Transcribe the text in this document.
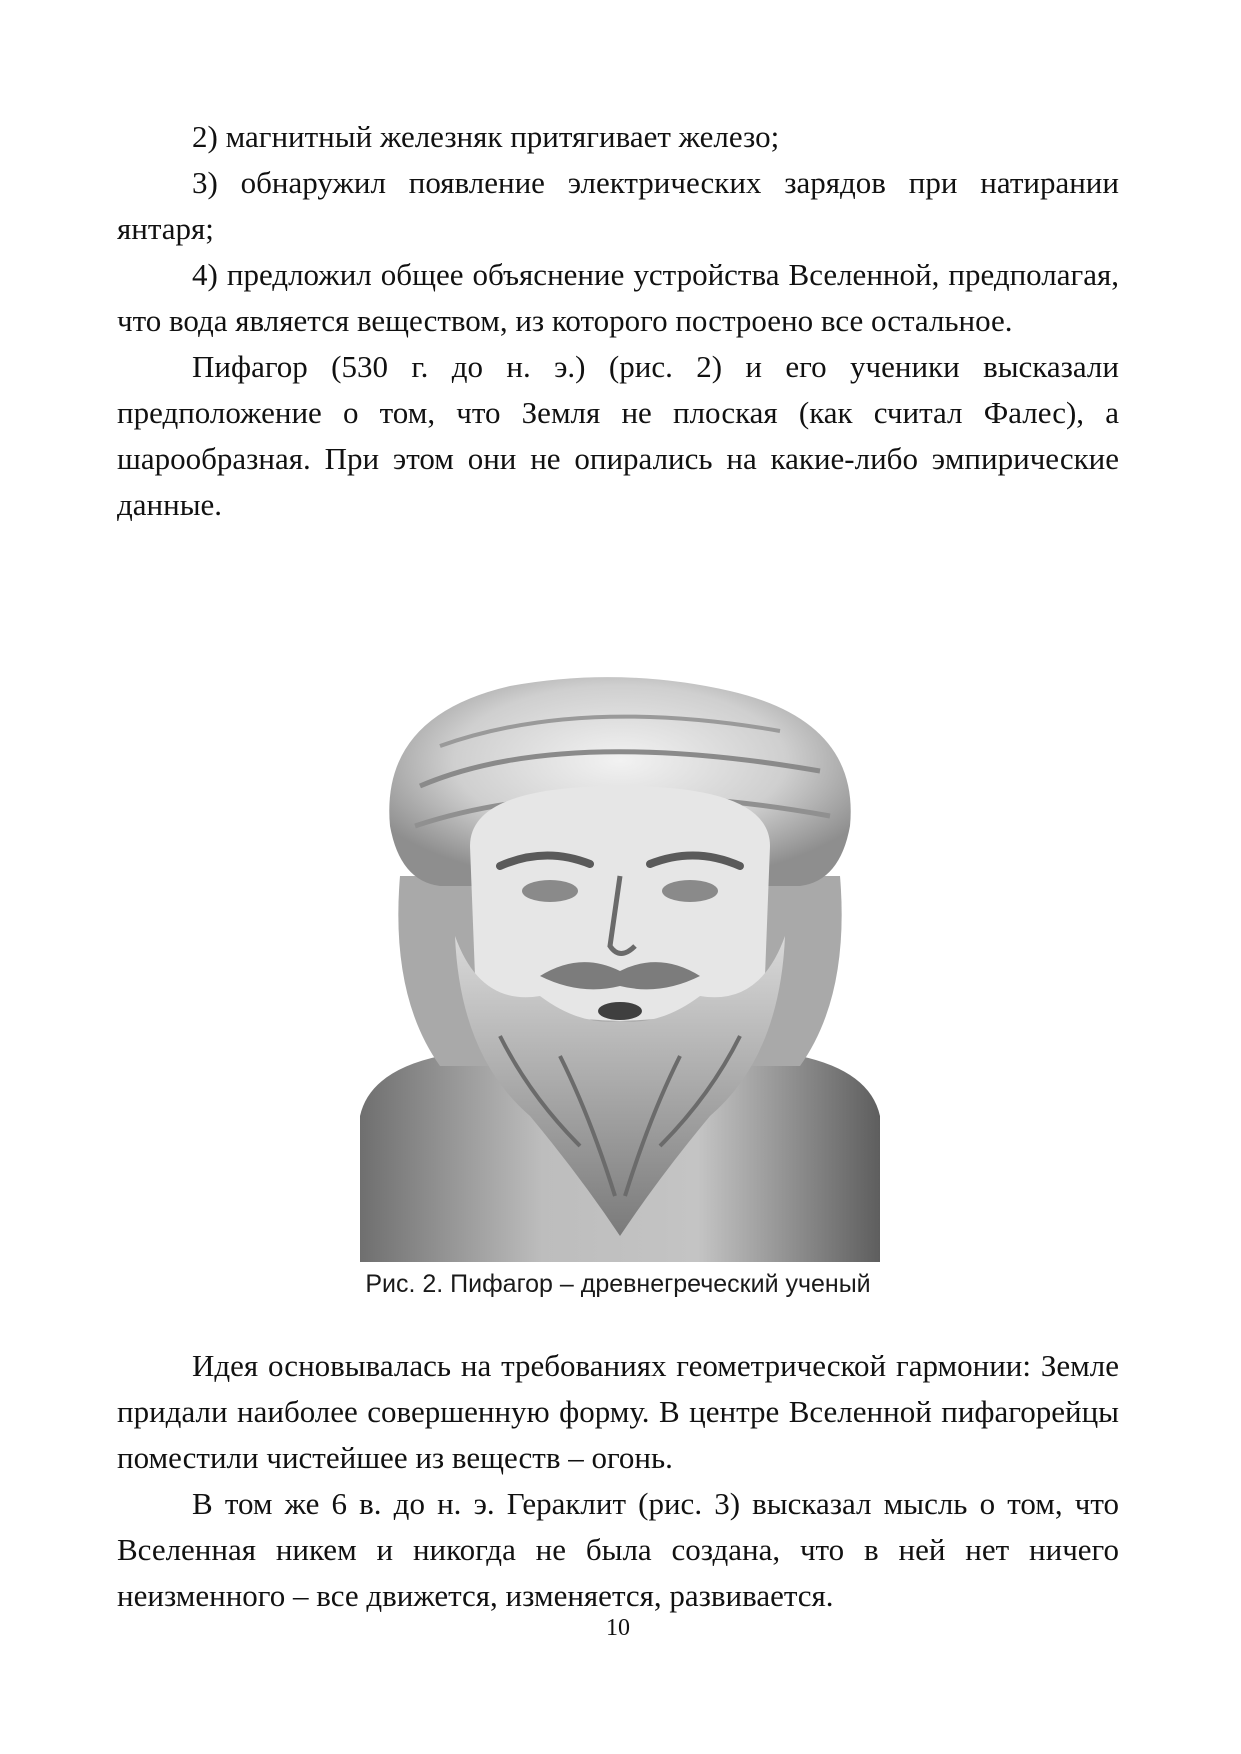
2) магнитный железняк притягивает железо;

3) обнаружил появление электрических зарядов при натирании янтаря;

4) предложил общее объяснение устройства Вселенной, предполагая, что вода является веществом, из которого построено все остальное.

Пифагор (530 г. до н. э.) (рис. 2) и его ученики высказали предположение о том, что Земля не плоская (как считал Фалес), а шарообразная. При этом они не опирались на какие-либо эмпирические данные.

Рис. 2. Пифагор – древнегреческий ученый

Идея основывалась на требованиях геометрической гармонии: Земле придали наиболее совершенную форму. В центре Вселенной пифагорейцы поместили чистейшее из веществ – огонь.

В том же 6 в. до н. э. Гераклит (рис. 3) высказал мысль о том, что Вселенная никем и никогда не была создана, что в ней нет ничего неизменного – все движется, изменяется, развивается.

10
